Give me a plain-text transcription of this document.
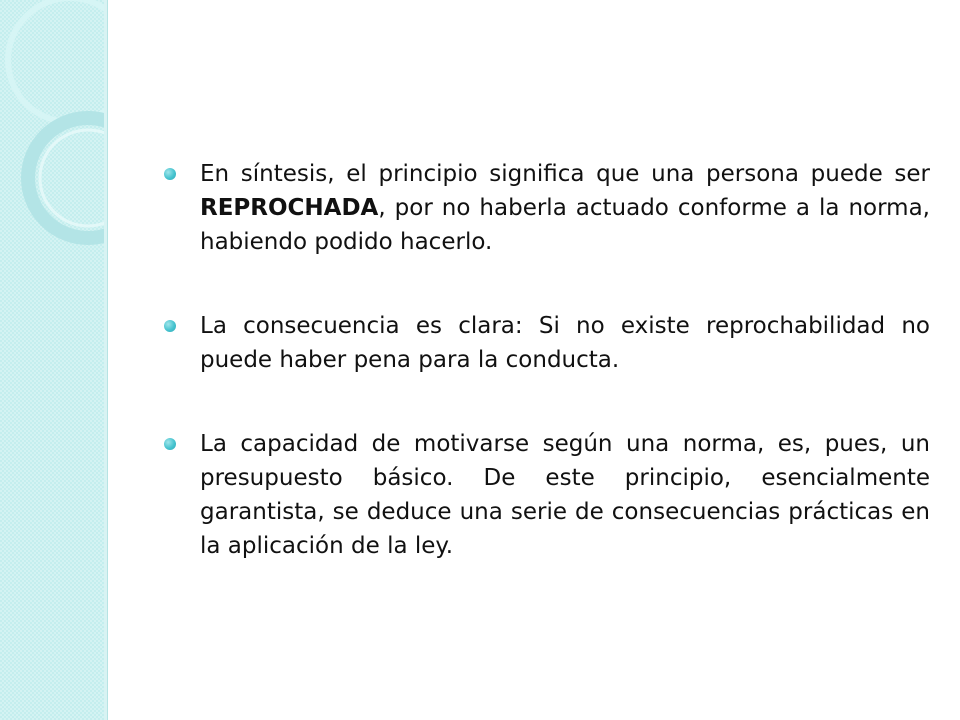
En síntesis, el principio significa que una persona puede ser REPROCHADA, por no haberla actuado conforme a la norma, habiendo podido hacerlo.
La consecuencia es clara: Si no existe reprochabilidad no puede haber pena para la conducta.
La capacidad de motivarse según una norma, es, pues, un presupuesto básico. De este principio, esencialmente garantista, se deduce una serie de consecuencias prácticas en la aplicación de la ley.
